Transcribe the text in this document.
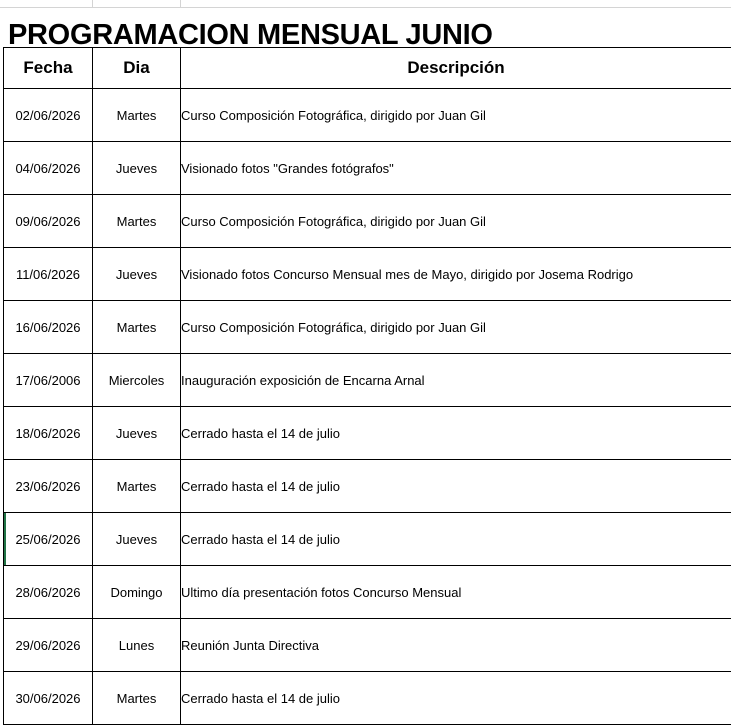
PROGRAMACION MENSUAL JUNIO
Fecha	Dia	Descripción
02/06/2026	Martes	Curso Composición Fotográfica, dirigido por Juan Gil
04/06/2026	Jueves	Visionado fotos "Grandes fotógrafos"
09/06/2026	Martes	Curso Composición Fotográfica, dirigido por Juan Gil
11/06/2026	Jueves	Visionado fotos Concurso Mensual mes de Mayo, dirigido por Josema Rodrigo
16/06/2026	Martes	Curso Composición Fotográfica, dirigido por Juan Gil
17/06/2006	Miercoles	Inauguración exposición de Encarna Arnal
18/06/2026	Jueves	Cerrado hasta el 14 de julio
23/06/2026	Martes	Cerrado hasta el 14 de julio
25/06/2026	Jueves	Cerrado hasta el 14 de julio
28/06/2026	Domingo	Ultimo día presentación fotos Concurso Mensual
29/06/2026	Lunes	Reunión Junta Directiva
30/06/2026	Martes	Cerrado hasta el 14 de julio
